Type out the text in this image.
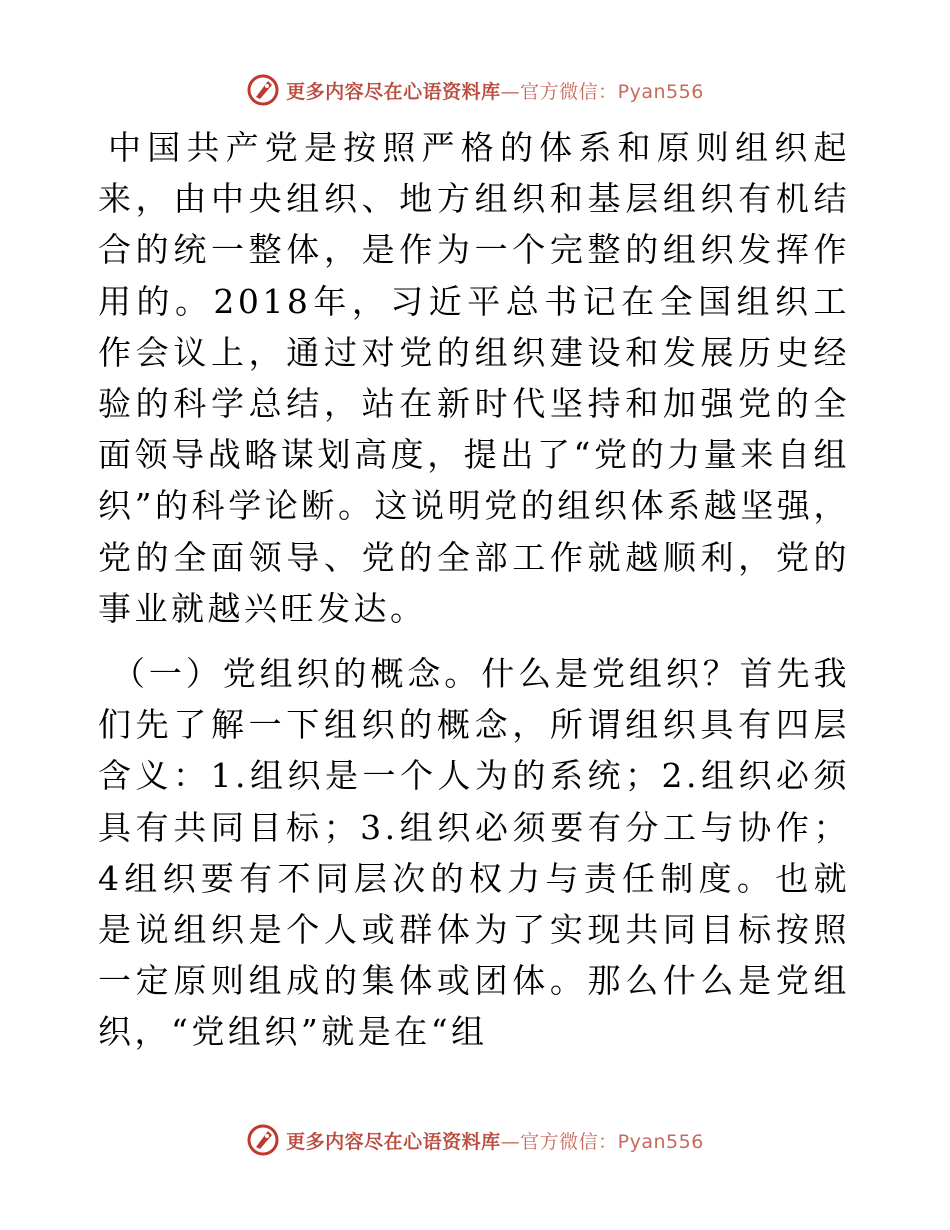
更多内容尽在心语资料库—官方微信：Pyan556

中国共产党是按照严格的体系和原则组织起来，由中央组织、地方组织和基层组织有机结合的统一整体，是作为一个完整的组织发挥作用的。2018年，习近平总书记在全国组织工作会议上，通过对党的组织建设和发展历史经验的科学总结，站在新时代坚持和加强党的全面领导战略谋划高度，提出了“党的力量来自组织”的科学论断。这说明党的组织体系越坚强，党的全面领导、党的全部工作就越顺利，党的事业就越兴旺发达。

（一）党组织的概念。什么是党组织？首先我们先了解一下组织的概念，所谓组织具有四层含义：1.组织是一个人为的系统；2.组织必须具有共同目标；3.组织必须要有分工与协作；4组织要有不同层次的权力与责任制度。也就是说组织是个人或群体为了实现共同目标按照一定原则组成的集体或团体。那么什么是党组织，“党组织”就是在“组

更多内容尽在心语资料库—官方微信：Pyan556
